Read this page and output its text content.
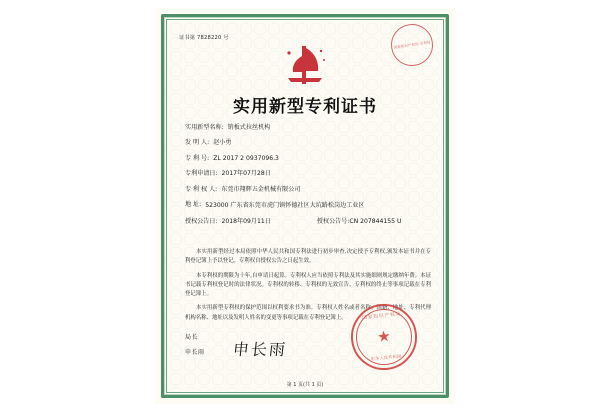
证书第 7828220 号
国家知识产权局 专利局
实用新型专利证书
实用新型名称: 销板式拉丝机构
发 明 人: 赵小勇
专 利 号: ZL 2017 2 0937096.3
专利申请日: 2017年07月28日
专 利 权 人: 东莞市翔辉五金机械有限公司
地 址: 523000 广东省东莞市虎门镇怀德社区大坑路松岗边工业区
授权公告日: 2018年09月11日	授权公告号: CN 207844155 U

本实用新型经过本局依照中华人民共和国专利法进行初步审查,决定授予专利权,颁发本证书并在专利登记簿上予以登记。专利权自授权公告之日起生效。

本专利权的期限为十年,自申请日起算。专利权人应当依照专利法及其实施细则规定缴纳年费。本证书记载专利权登记时的法律状况。专利权的转移、专利权的无效宣告、专利权的终止等事项记载在专利登记簿上。

本实用新型专利权的保护范围以权利要求书为准。专利权人姓名或者名称、国籍、地址、专利代理机构名称、地址以及发明人姓名的变更等事项记载在专利登记簿上。

局长
申长雨 申长雨
国家知识产权局
★
中华人民共和国
第 1 页(共 1 页)
